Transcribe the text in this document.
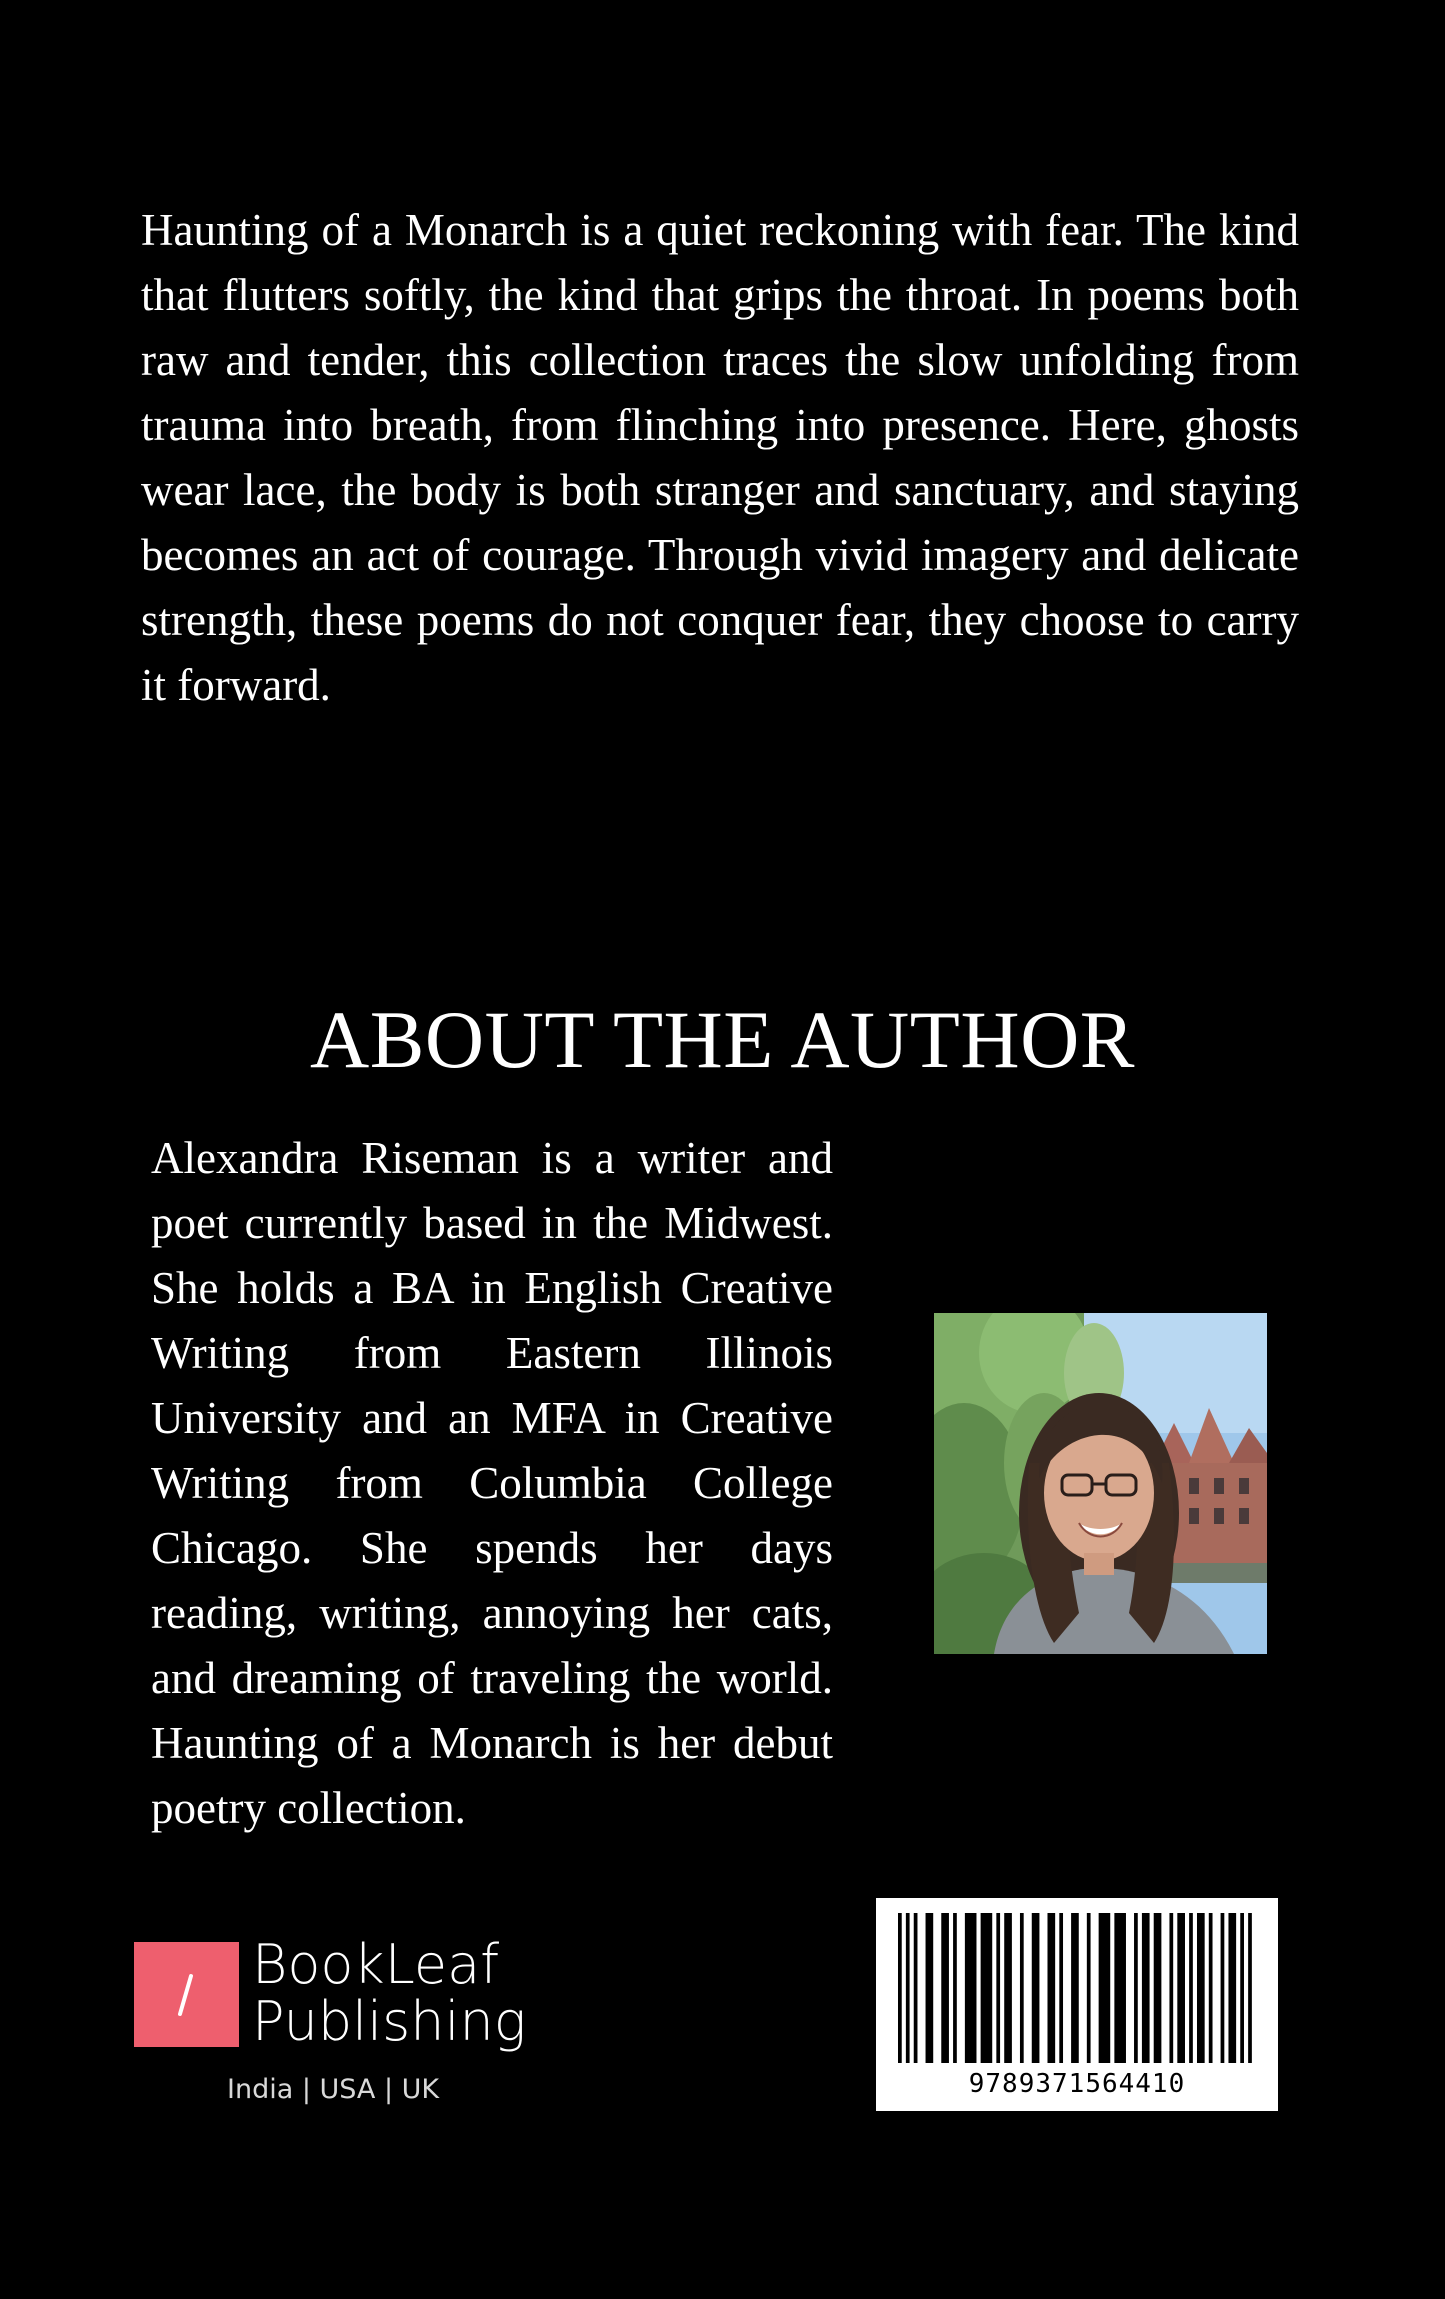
Haunting of a Monarch is a quiet reckoning with fear. The kind that flutters softly, the kind that grips the throat. In poems both raw and tender, this collection traces the slow unfolding from trauma into breath, from flinching into presence. Here, ghosts wear lace, the body is both stranger and sanctuary, and staying becomes an act of courage. Through vivid imagery and delicate strength, these poems do not conquer fear, they choose to carry it forward.

ABOUT THE AUTHOR

Alexandra Riseman is a writer and poet currently based in the Midwest. She holds a BA in English Creative Writing from Eastern Illinois University and an MFA in Creative Writing from Columbia College Chicago. She spends her days reading, writing, annoying her cats, and dreaming of traveling the world. Haunting of a Monarch is her debut poetry collection.

BookLeaf
Publishing
India | USA | UK	9789371564410
